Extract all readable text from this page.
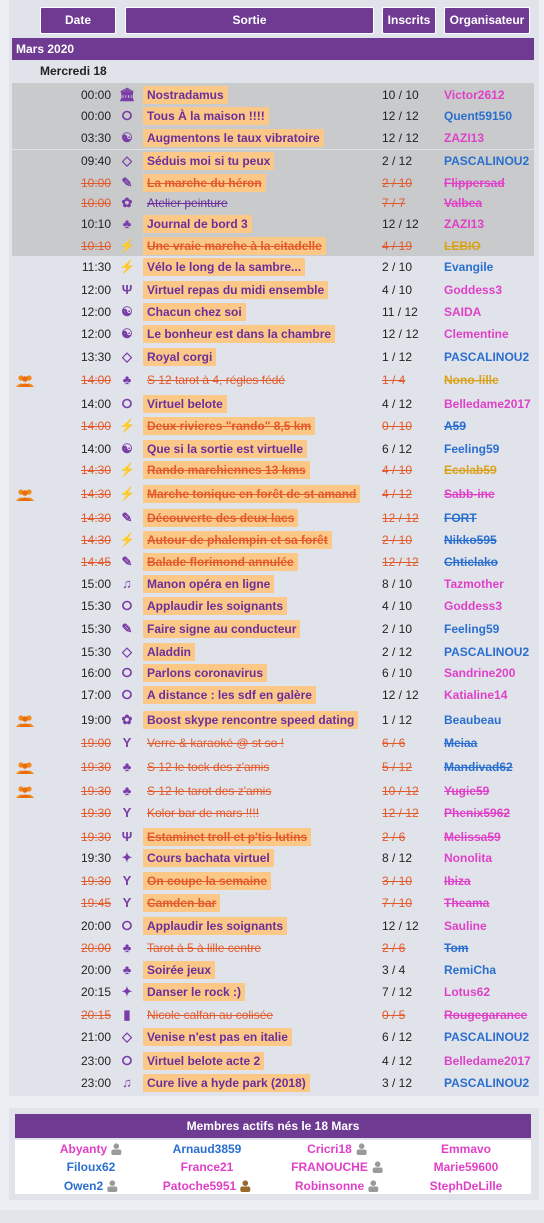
Date	Sortie	Inscrits	Organisateur
Mars 2020
Mercredi 18
00:00 🏛 Nostradamus	10 / 10 Victor2612
00:00 ⭘	Tous À la maison !!!!	12 / 12 Quent59150
03:30 ☯	Augmentons le taux vibratoire	12 / 12 ZAZI13
09:40 ◇	Séduis moi si tu peux	2 / 12	PASCALINOU2
10:00 ✎	La marche du héron	2 / 10	Flippersad
10:00 ✿	Atelier peinture	7 / 7	Valbea
10:10 ♣	Journal de bord 3	12 / 12 ZAZI13
10:10 ⚡ Une vraie marche à la citadelle	4 / 19	LEBIO
11:30 ⚡ Vélo le long de la sambre...	2 / 10	Evangile
12:00 Ψ	Virtuel repas du midi ensemble	4 / 10	Goddess3
12:00 ☯	Chacun chez soi	11 / 12 SAIDA
12:00 ☯	Le bonheur est dans la chambre	12 / 12 Clementine
13:30 ◇	Royal corgi	1 / 12	PASCALINOU2
14:00 ♣	S 12 tarot à 4, régles fédé	1 / 4	Nono-lille
14:00 ⭘	Virtuel belote	4 / 12	Belledame2017
14:00 ⚡ Deux rivieres "rando" 8,5 km	0 / 10	A59
14:00 ☯	Que si la sortie est virtuelle	6 / 12	Feeling59
14:30 ⚡ Rando marchiennes 13 kms	4 / 10	Ecolab59
14:30 ⚡ Marche tonique en forêt de st amand	4 / 12	Sabb-ine
14:30 ✎	Découverte des deux lacs	12 / 12 FORT
14:30 ⚡ Autour de phalempin et sa forêt	2 / 10	Nikko595
14:45 ✎	Balade florimond annulée	12 / 12 Chticlako
15:00 ♫	Manon opéra en ligne	8 / 10	Tazmother
15:30 ⭘	Applaudir les soignants	4 / 10	Goddess3
15:30 ✎	Faire signe au conducteur	2 / 10	Feeling59
15:30 ◇	Aladdin	2 / 12	PASCALINOU2
16:00 ⭘	Parlons coronavirus	6 / 10	Sandrine200
17:00 ⭘	A distance : les sdf en galère	12 / 12 Katialine14
19:00 ✿	Boost skype rencontre speed dating	1 / 12	Beaubeau
19:00 Y	Verre & karaoké @ st so !	6 / 6	Meiaa
19:30 ♣	S 12 le tock des z'amis	5 / 12	Mandivad62
19:30 ♣	S 12 le tarot des z'amis	10 / 12 Yugie59
19:30 Y	Kolor bar de mars !!!!	12 / 12 Phenix5962
19:30 Ψ	Estaminet troll et p'tis lutins	2 / 6	Melissa59
19:30 ✦	Cours bachata virtuel	8 / 12	Nonolita
19:30 Y	On coupe la semaine	3 / 10	Ibiza
19:45 Y	Camden bar	7 / 10	Theama
20:00 ⭘	Applaudir les soignants	12 / 12 Sauline
20:00 ♣	Tarot à 5 à lille centre	2 / 6	Tom
20:00 ♣	Soirée jeux	3 / 4	RemiCha
20:15 ✦	Danser le rock :)	7 / 12	Lotus62
20:15 ▮	Nicole calfan au colisée	0 / 5	Rougegarance
21:00 ◇	Venise n'est pas en italie	6 / 12	PASCALINOU2
23:00 ⭘	Virtuel belote acte 2	4 / 12	Belledame2017
23:00 ♫	Cure live a hyde park (2018)	3 / 12	PASCALINOU2
Membres actifs nés le 18 Mars
Abyanty	Arnaud3859	Cricri18	Emmavo
Filoux62	France21	FRANOUCHE	Marie59600
Owen2	Patoche5951	Robinsonne	StephDeLille
